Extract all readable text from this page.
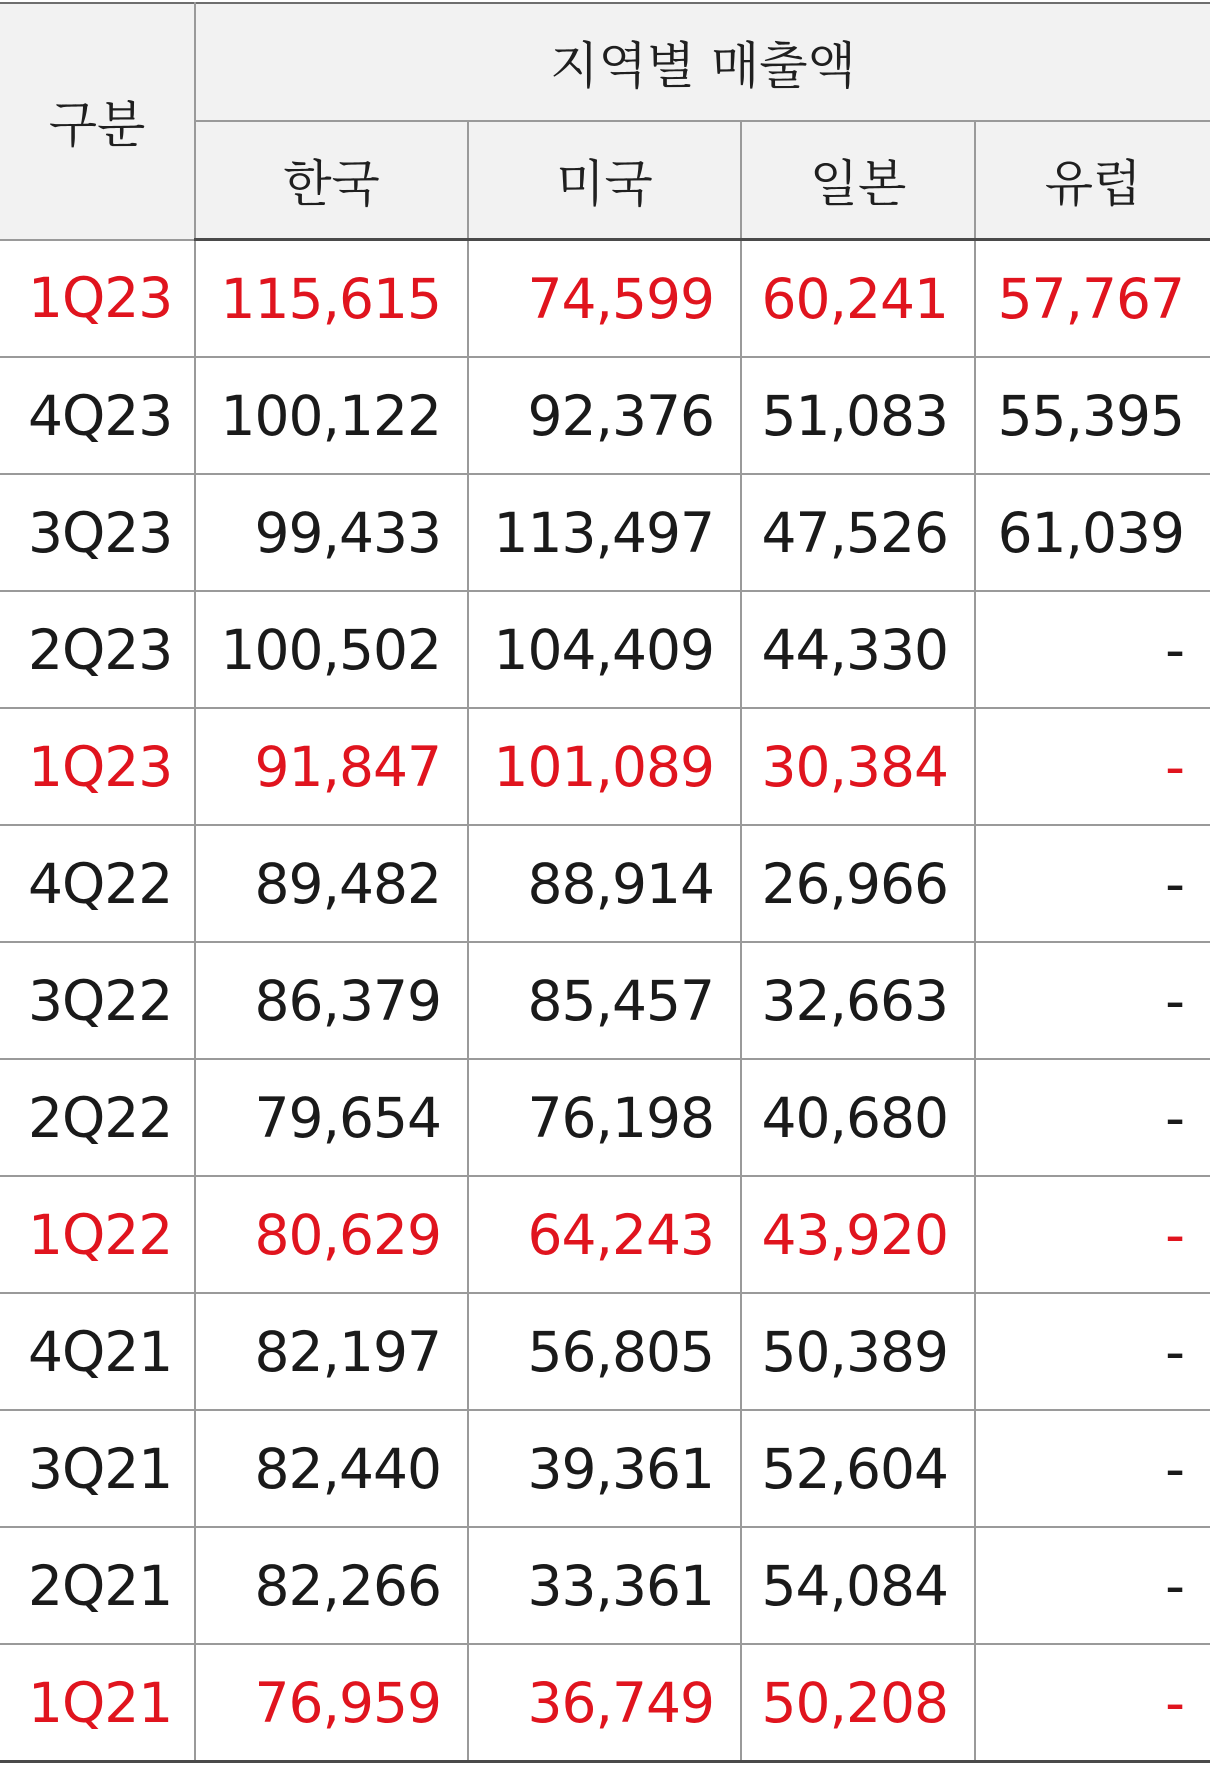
구분	지역별 매출액			
	한국	미국	일본	유럽
1Q23	115,615	74,599	60,241	57,767
4Q23	100,122	92,376	51,083	55,395
3Q23	99,433	113,497	47,526	61,039
2Q23	100,502	104,409	44,330	-
1Q23	91,847	101,089	30,384	-
4Q22	89,482	88,914	26,966	-
3Q22	86,379	85,457	32,663	-
2Q22	79,654	76,198	40,680	-
1Q22	80,629	64,243	43,920	-
4Q21	82,197	56,805	50,389	-
3Q21	82,440	39,361	52,604	-
2Q21	82,266	33,361	54,084	-
1Q21	76,959	36,749	50,208	-
